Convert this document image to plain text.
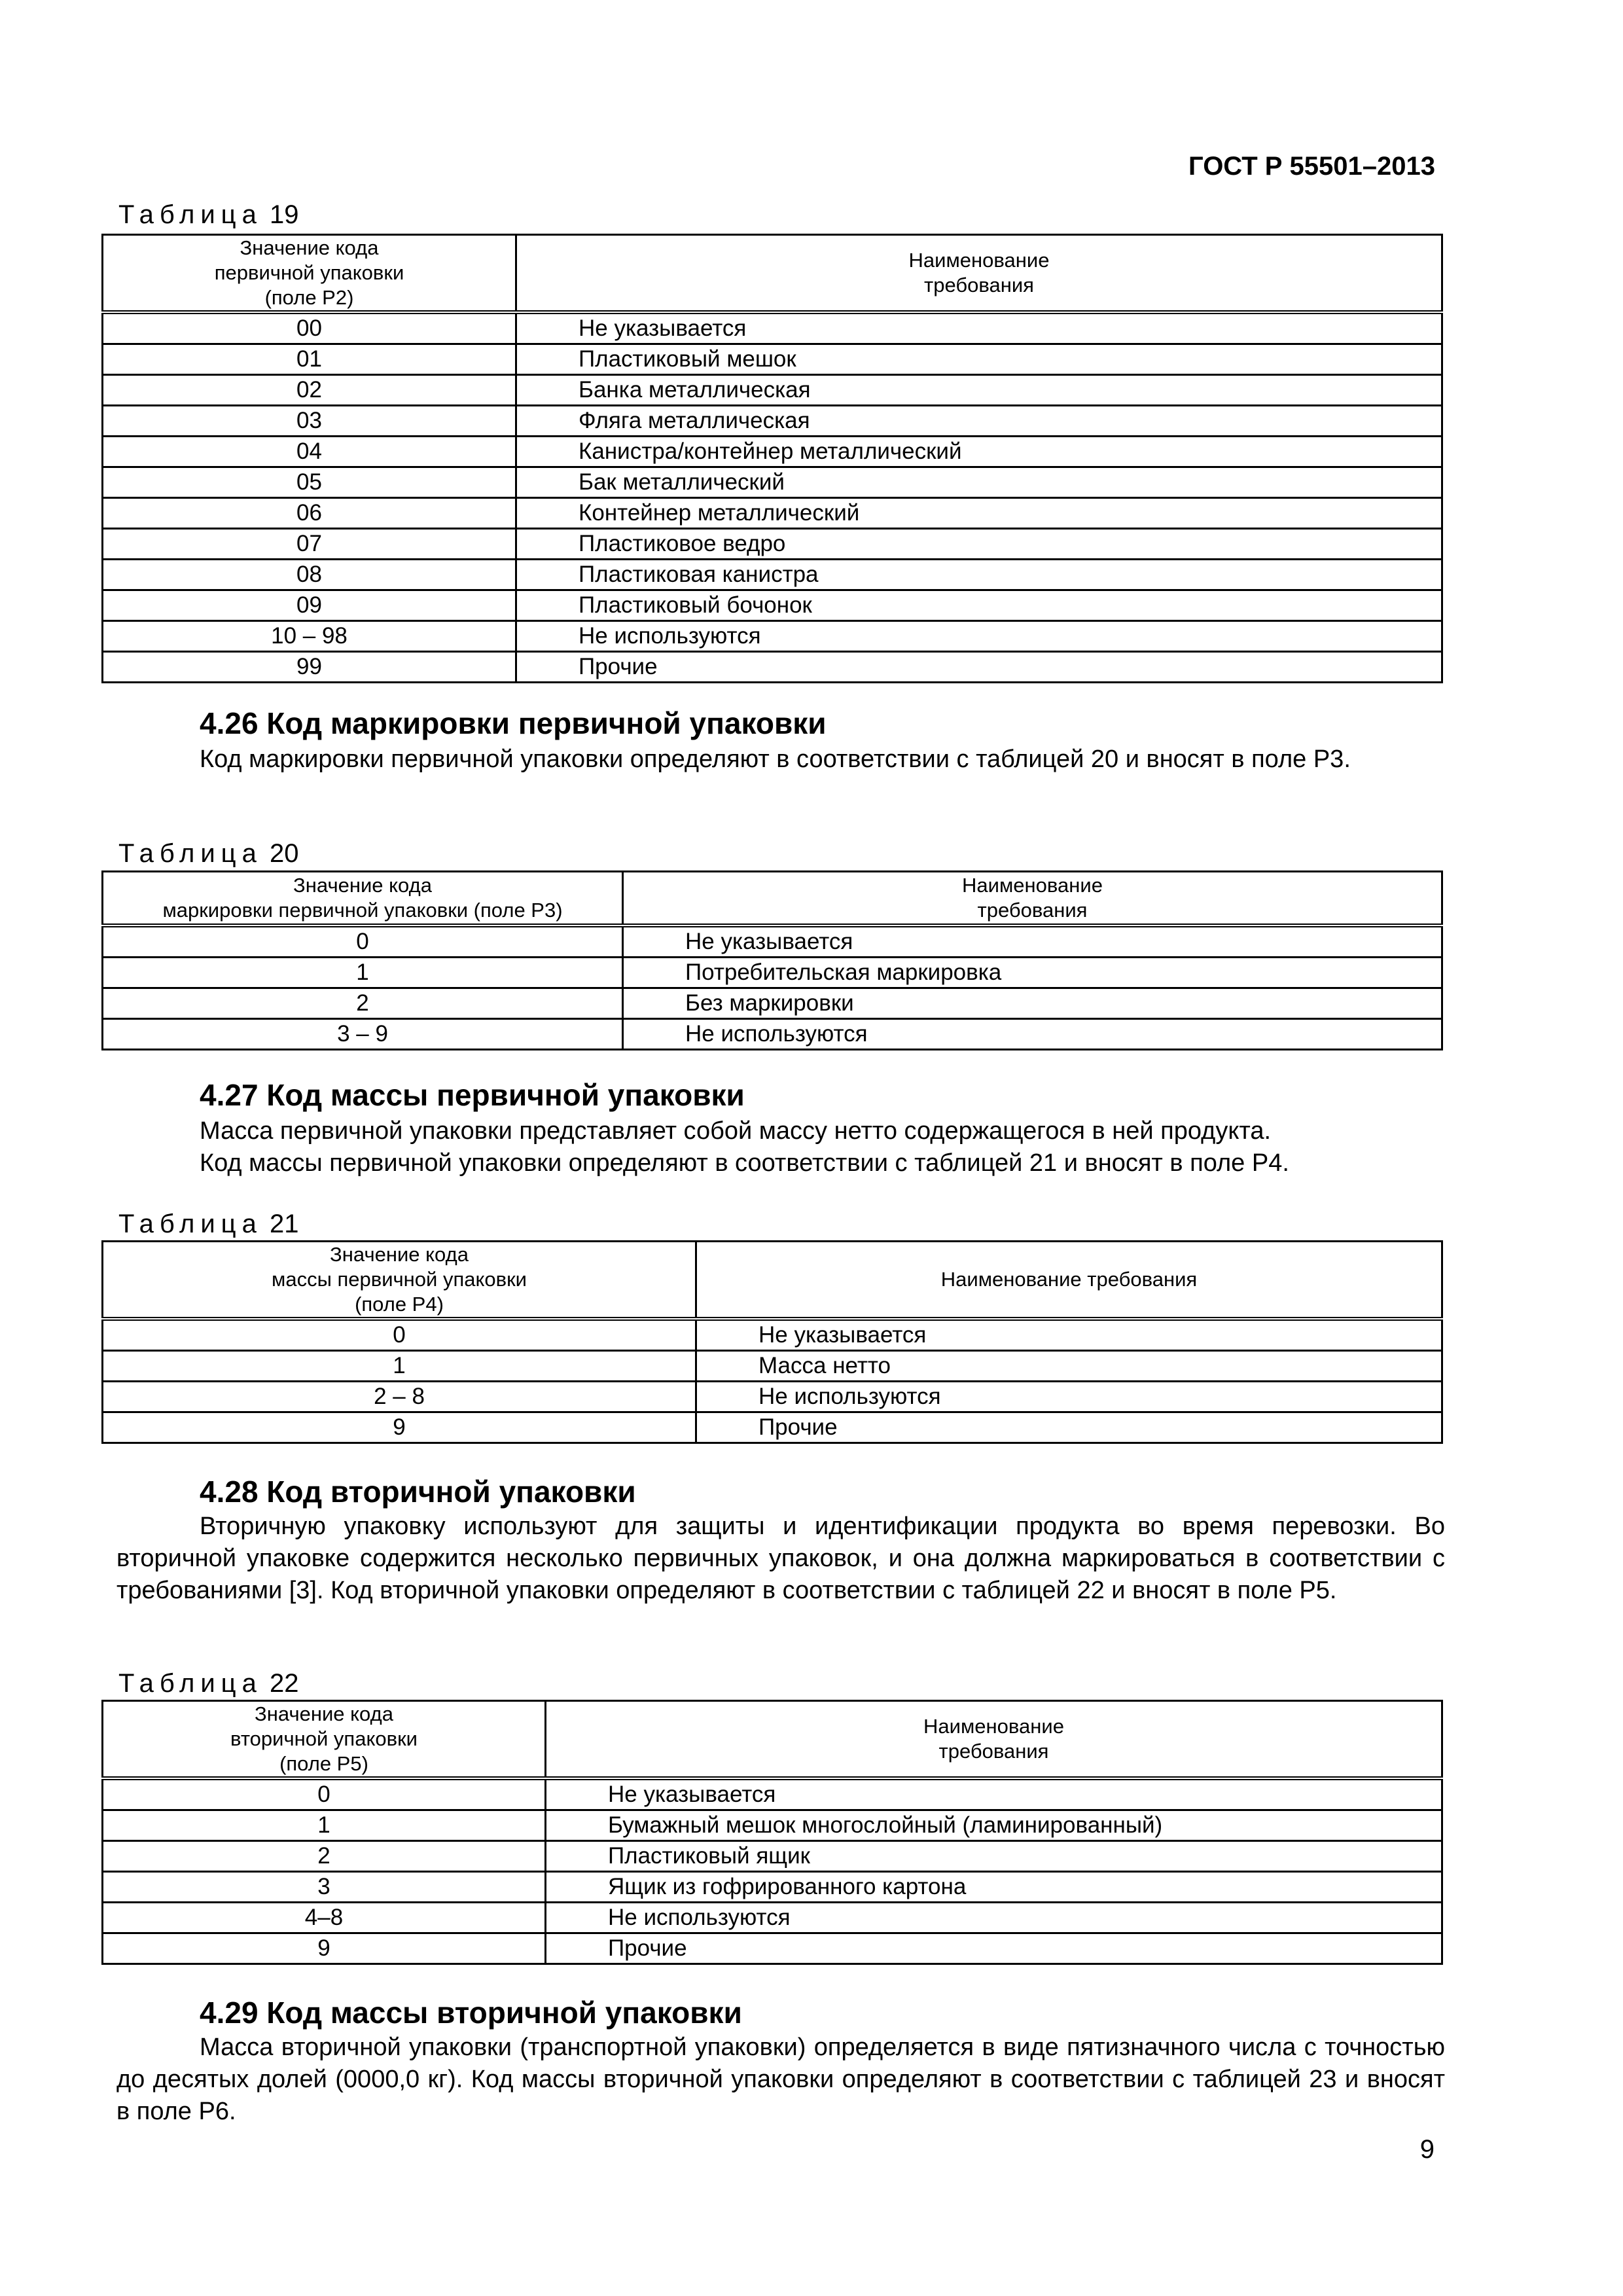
ГОСТ Р 55501–2013
Таблица 19
Значение кода
первичной упаковки
(поле Р2)	Наименование
требования
00	Не указывается
01	Пластиковый мешок
02	Банка металлическая
03	Фляга металлическая
04	Канистра/контейнер металлический
05	Бак металлический
06	Контейнер металлический
07	Пластиковое ведро
08	Пластиковая канистра
09	Пластиковый бочонок
10 – 98	Не используются
99	Прочие
4.26 Код маркировки первичной упаковки
Код маркировки первичной упаковки определяют в соответствии с таблицей 20 и вносят в поле Р3.
Таблица 20
Значение кода
маркировки первичной упаковки (поле Р3)	Наименование
требования
0	Не указывается
1	Потребительская маркировка
2	Без маркировки
3 – 9	Не используются
4.27 Код массы первичной упаковки
Масса первичной упаковки представляет собой массу нетто содержащегося в ней продукта.
Код массы первичной упаковки определяют в соответствии с таблицей 21 и вносят в поле Р4.
Таблица 21
Значение кода
массы первичной упаковки
(поле Р4)	Наименование требования
0	Не указывается
1	Масса нетто
2 – 8	Не используются
9	Прочие
4.28 Код вторичной упаковки
Вторичную упаковку используют для защиты и идентификации продукта во время перевозки. Во вторичной упаковке содержится несколько первичных упаковок, и она должна маркироваться в соответствии с требованиями [3]. Код вторичной упаковки определяют в соответствии с таблицей 22 и вносят в поле Р5.
Таблица 22
Значение кода
вторичной упаковки
(поле Р5)	Наименование
требования
0	Не указывается
1	Бумажный мешок многослойный (ламинированный)
2	Пластиковый ящик
3	Ящик из гофрированного картона
4–8	Не используются
9	Прочие
4.29 Код массы вторичной упаковки
Масса вторичной упаковки (транспортной упаковки) определяется в виде пятизначного числа с точностью до десятых долей (0000,0 кг). Код массы вторичной упаковки определяют в соответствии с таблицей 23 и вносят в поле Р6.
9
